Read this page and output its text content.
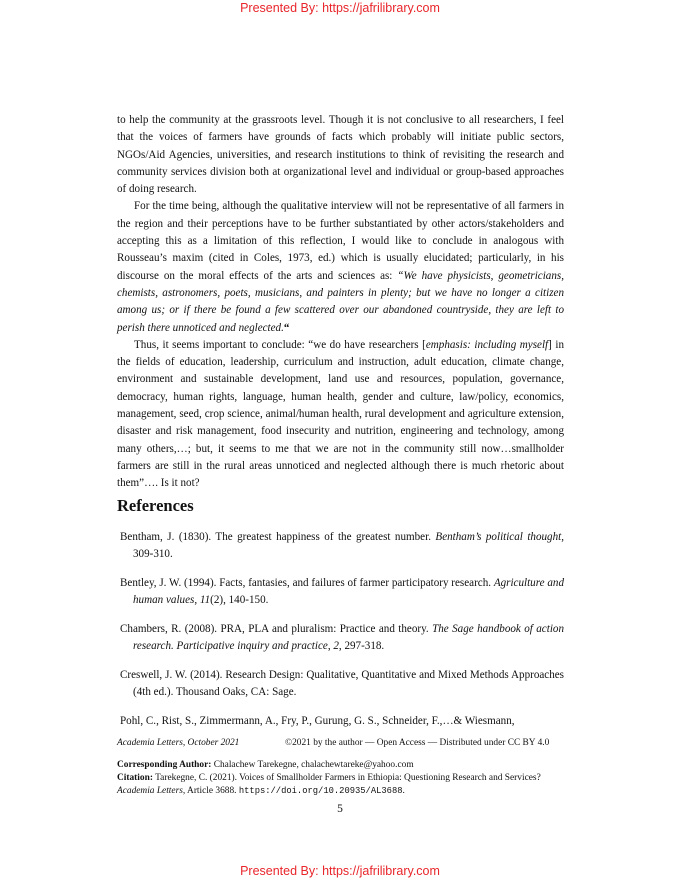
Presented By: https://jafrilibrary.com

to help the community at the grassroots level. Though it is not conclusive to all researchers, I feel that the voices of farmers have grounds of facts which probably will initiate public sectors, NGOs/Aid Agencies, universities, and research institutions to think of revisiting the research and community services division both at organizational level and individual or group-based approaches of doing research.

For the time being, although the qualitative interview will not be representative of all farmers in the region and their perceptions have to be further substantiated by other actors/stakeholders and accepting this as a limitation of this reflection, I would like to conclude in analogous with Rousseau’s maxim (cited in Coles, 1973, ed.) which is usually elucidated; particularly, in his discourse on the moral effects of the arts and sciences as: “We have physicists, geometricians, chemists, astronomers, poets, musicians, and painters in plenty; but we have no longer a citizen among us; or if there be found a few scattered over our abandoned countryside, they are left to perish there unnoticed and neglected.“

Thus, it seems important to conclude: “we do have researchers [emphasis: including myself] in the fields of education, leadership, curriculum and instruction, adult education, climate change, environment and sustainable development, land use and resources, population, governance, democracy, human rights, language, human health, gender and culture, law/policy, economics, management, seed, crop science, animal/human health, rural development and agriculture extension, disaster and risk management, food insecurity and nutrition, engineering and technology, among many others,…; but, it seems to me that we are not in the community still now…smallholder farmers are still in the rural areas unnoticed and neglected although there is much rhetoric about them”…. Is it not?

References

Bentham, J. (1830). The greatest happiness of the greatest number. Bentham’s political thought, 309-310.

Bentley, J. W. (1994). Facts, fantasies, and failures of farmer participatory research. Agriculture and human values, 11(2), 140-150.

Chambers, R. (2008). PRA, PLA and pluralism: Practice and theory. The Sage handbook of action research. Participative inquiry and practice, 2, 297-318.

Creswell, J. W. (2014). Research Design: Qualitative, Quantitative and Mixed Methods Approaches (4th ed.). Thousand Oaks, CA: Sage.

Pohl, C., Rist, S., Zimmermann, A., Fry, P., Gurung, G. S., Schneider, F.,…& Wiesmann,

Academia Letters, October 2021	©2021 by the author — Open Access — Distributed under CC BY 4.0
Corresponding Author: Chalachew Tarekegne, chalachewtareke@yahoo.com
Citation: Tarekegne, C. (2021). Voices of Smallholder Farmers in Ethiopia: Questioning Research and Services? Academia Letters, Article 3688. https://doi.org/10.20935/AL3688.
5
Presented By: https://jafrilibrary.com
